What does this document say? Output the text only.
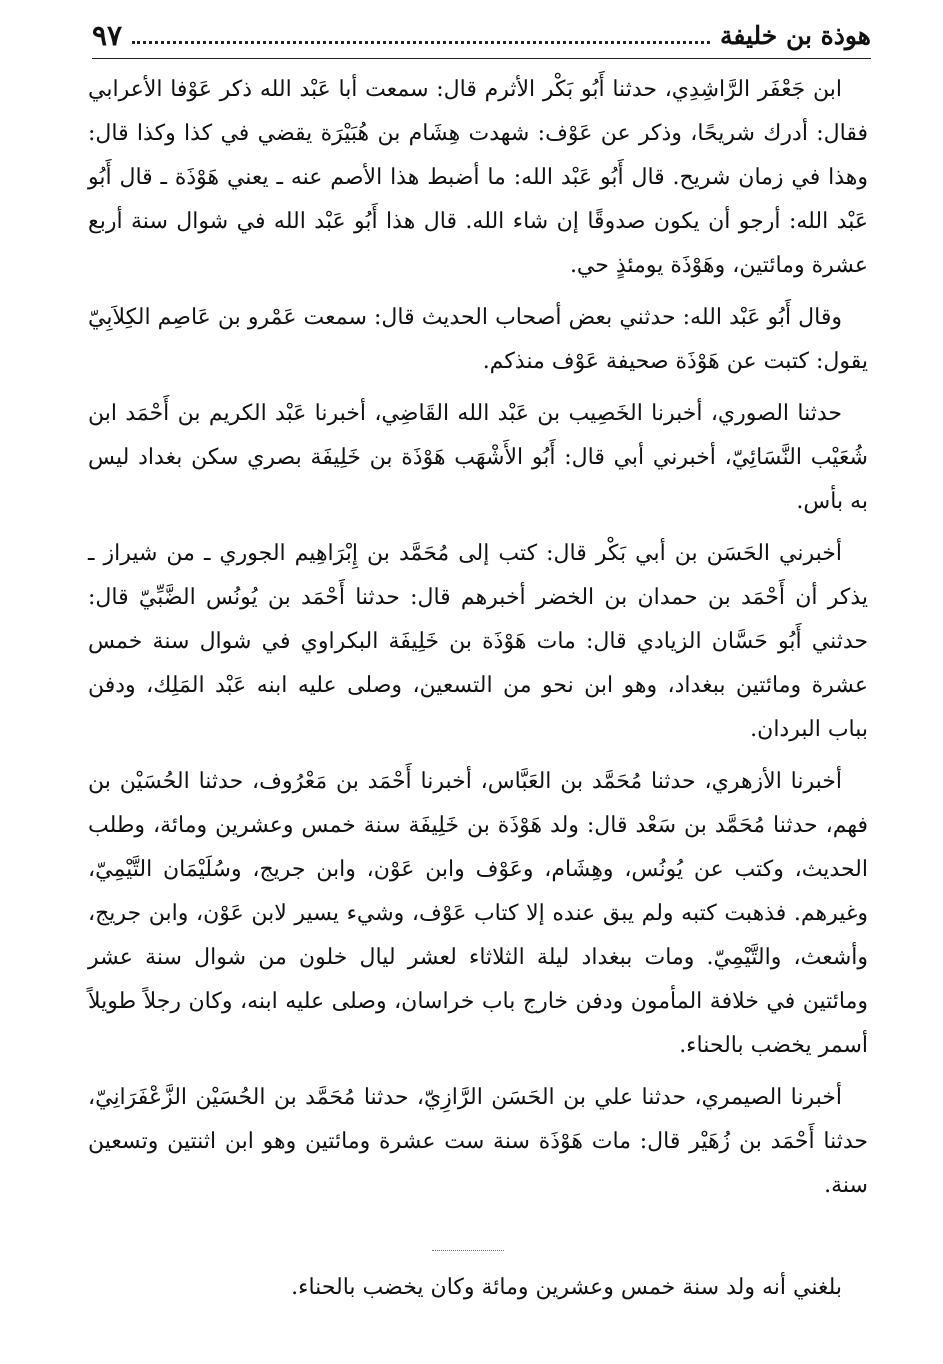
هوذة بن خليفة
٩٧

ابن جَعْفَر الرَّاشِدِي، حدثنا أَبُو بَكْر الأثرم قال: سمعت أبا عَبْد الله ذكر عَوْفا الأعرابي فقال: أدرك شريحًا، وذكر عن عَوْف: شهدت هِشَام بن هُبَيْرَة يقضي في كذا وكذا قال: وهذا في زمان شريح. قال أَبُو عَبْد الله: ما أضبط هذا الأصم عنه ـ يعني هَوْذَة ـ قال أَبُو عَبْد الله: أرجو أن يكون صدوقًا إن شاء الله. قال هذا أَبُو عَبْد الله في شوال سنة أربع عشرة ومائتين، وهَوْذَة يومئذٍ حي.

وقال أَبُو عَبْد الله: حدثني بعض أصحاب الحديث قال: سمعت عَمْرو بن عَاصِم الكِلاَبِيّ يقول: كتبت عن هَوْذَة صحيفة عَوْف منذكم.

حدثنا الصوري، أخبرنا الخَصِيب بن عَبْد الله القَاضِي، أخبرنا عَبْد الكريم بن أَحْمَد ابن شُعَيْب النَّسَائِيّ، أخبرني أبي قال: أَبُو الأَشْهَب هَوْذَة بن خَلِيفَة بصري سكن بغداد ليس به بأس.

أخبرني الحَسَن بن أبي بَكْر قال: كتب إلى مُحَمَّد بن إِبْرَاهِيم الجوري ـ من شيراز ـ يذكر أن أَحْمَد بن حمدان بن الخضر أخبرهم قال: حدثنا أَحْمَد بن يُونُس الضَّبِّيّ قال: حدثني أَبُو حَسَّان الزيادي قال: مات هَوْذَة بن خَلِيفَة البكراوي في شوال سنة خمس عشرة ومائتين ببغداد، وهو ابن نحو من التسعين، وصلى عليه ابنه عَبْد المَلِك، ودفن بباب البردان.

أخبرنا الأزهري، حدثنا مُحَمَّد بن العَبَّاس، أخبرنا أَحْمَد بن مَعْرُوف، حدثنا الحُسَيْن بن فهم، حدثنا مُحَمَّد بن سَعْد قال: ولد هَوْذَة بن خَلِيفَة سنة خمس وعشرين ومائة، وطلب الحديث، وكتب عن يُونُس، وهِشَام، وعَوْف وابن عَوْن، وابن جريج، وسُلَيْمَان التَّيْمِيّ، وغيرهم. فذهبت كتبه ولم يبق عنده إلا كتاب عَوْف، وشيء يسير لابن عَوْن، وابن جريج، وأشعث، والتَّيْمِيّ. ومات ببغداد ليلة الثلاثاء لعشر ليال خلون من شوال سنة عشر ومائتين في خلافة المأمون ودفن خارج باب خراسان، وصلى عليه ابنه، وكان رجلاً طويلاً أسمر يخضب بالحناء.

أخبرنا الصيمري، حدثنا علي بن الحَسَن الرَّازِيّ، حدثنا مُحَمَّد بن الحُسَيْن الزَّعْفَرَانِيّ، حدثنا أَحْمَد بن زُهَيْر قال: مات هَوْذَة سنة ست عشرة ومائتين وهو ابن اثنتين وتسعين سنة.

بلغني أنه ولد سنة خمس وعشرين ومائة وكان يخضب بالحناء.
